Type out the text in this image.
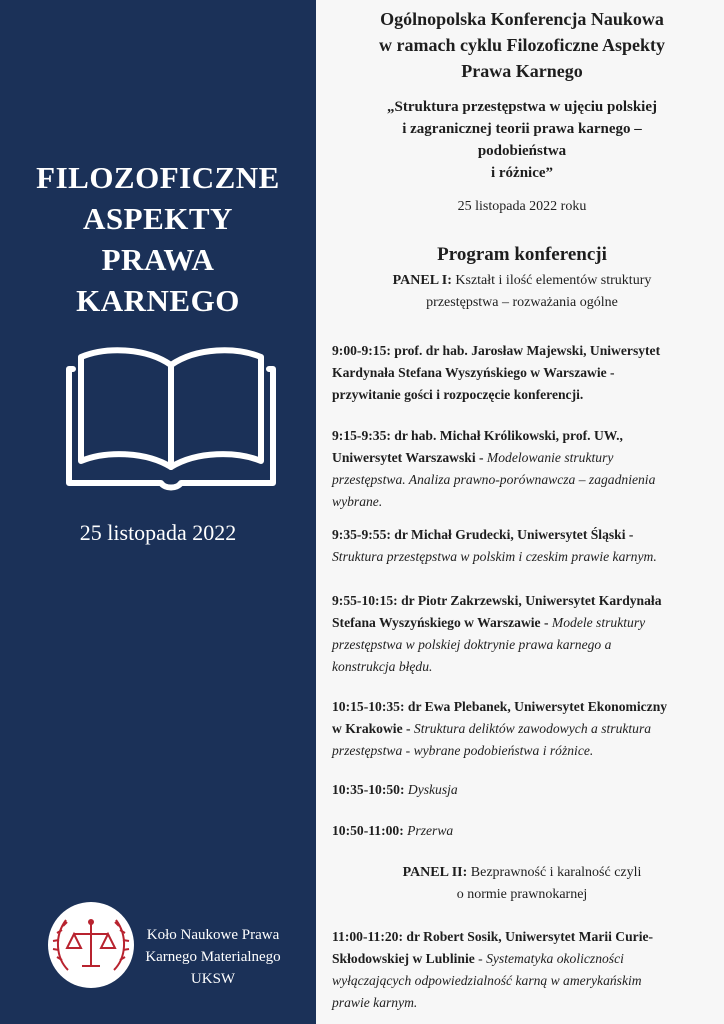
FILOZOFICZNE
ASPEKTY
PRAWA
KARNEGO
25 listopada 2022
Koło Naukowe Prawa
Karnego Materialnego
UKSW
Ogólnopolska Konferencja Naukowa
w ramach cyklu Filozoficzne Aspekty
Prawa Karnego
„Struktura przestępstwa w ujęciu polskiej
i zagranicznej teorii prawa karnego –
podobieństwa
i różnice”
25 listopada 2022 roku
Program konferencji
PANEL I: Kształt i ilość elementów struktury
przestępstwa – rozważania ogólne
9:00-9:15: prof. dr hab. Jarosław Majewski, Uniwersytet
Kardynała Stefana Wyszyńskiego w Warszawie -
przywitanie gości i rozpoczęcie konferencji.
9:15-9:35: dr hab. Michał Królikowski, prof. UW.,
Uniwersytet Warszawski - Modelowanie struktury
przestępstwa. Analiza prawno-porównawcza – zagadnienia
wybrane.
9:35-9:55: dr Michał Grudecki, Uniwersytet Śląski -
Struktura przestępstwa w polskim i czeskim prawie karnym.
9:55-10:15: dr Piotr Zakrzewski, Uniwersytet Kardynała
Stefana Wyszyńskiego w Warszawie - Modele struktury
przestępstwa w polskiej doktrynie prawa karnego a
konstrukcja błędu.
10:15-10:35: dr Ewa Plebanek, Uniwersytet Ekonomiczny
w Krakowie - Struktura deliktów zawodowych a struktura
przestępstwa - wybrane podobieństwa i różnice.
10:35-10:50: Dyskusja
10:50-11:00: Przerwa
PANEL II: Bezprawność i karalność czyli
o normie prawnokarnej
11:00-11:20: dr Robert Sosik, Uniwersytet Marii Curie-
Skłodowskiej w Lublinie - Systematyka okoliczności
wyłączających odpowiedzialność karną w amerykańskim
prawie karnym.
